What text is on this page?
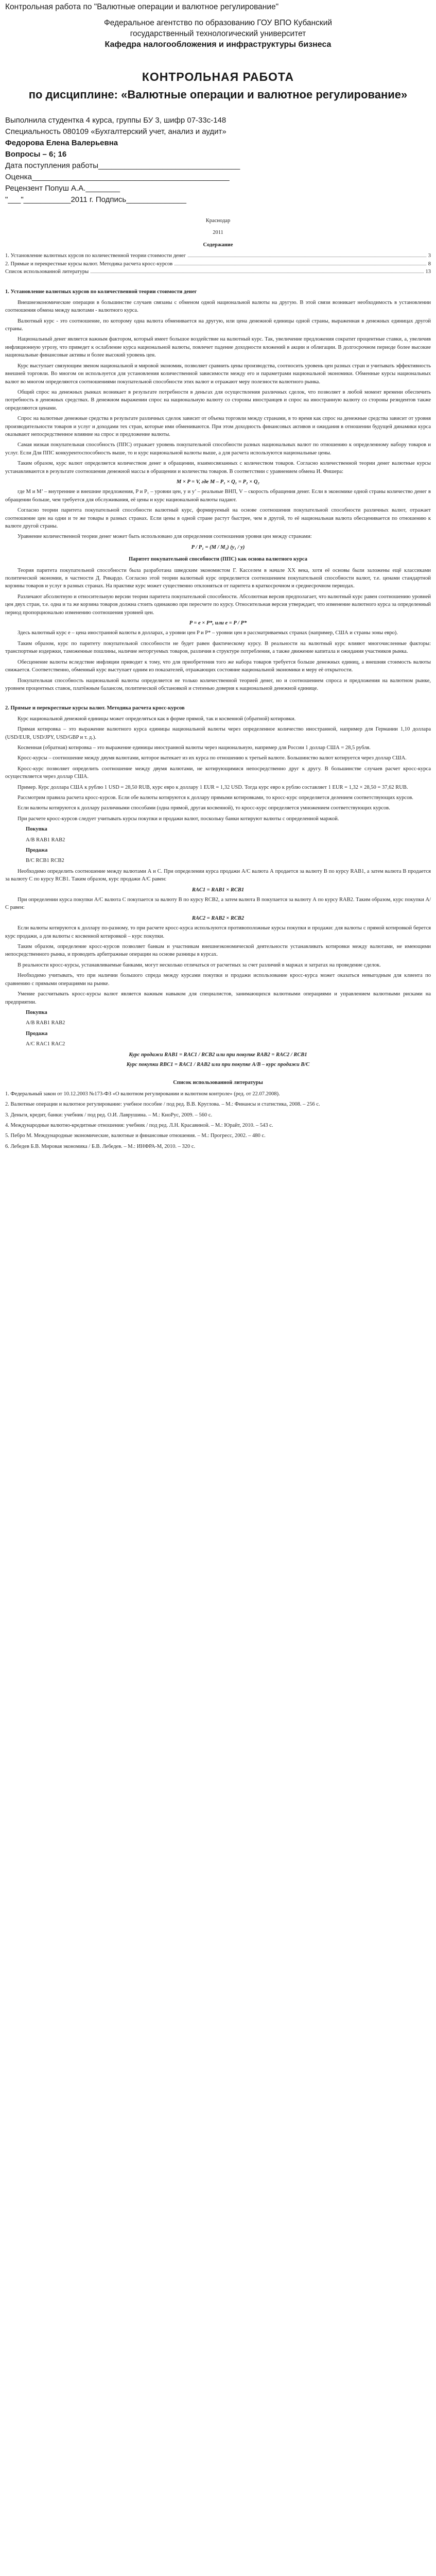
Контрольная работа по "Валютные операции и валютное регулирование"
Федеральное агентство по образованию ГОУ ВПО Кубанский государственный технологический университет
Кафедра налогообложения и инфраструктуры бизнеса
КОНТРОЛЬНАЯ РАБОТА
по дисциплине: «Валютные операции и валютное регулирование»

Выполнила студентка 4 курса, группы БУ 3, шифр 07-33с-148

Специальность 080109 «Бухгалтерский учет, анализ и аудит»

Федорова Елена Валерьевна

Вопросы – 6; 16

Дата поступления работы_________________________________

Оценка______________________________________________

Рецензент Попуш А.А.________

"___"___________2011 г. Подпись______________

Краснодар

2011

Содержание

1. Установление валютных курсов по количественной теории стоимости денег	3
2. Прямые и перекрестные курсы валют. Методика расчета кросс-курсов	8
Список использованной литературы	13

1. Установление валютных курсов по количественной теории стоимости денег

Внешнеэкономические операции в большинстве случаев связаны с обменом одной национальной валюты на другую. В этой связи возникает необходимость в установлении соотношения обмена между валютами - валютного курса.

Валютный курс - это соотношение, по которому одна валюта обменивается на другую, или цена денежной единицы одной страны, выраженная в денежных единицах другой страны.

Национальный денег является важным фактором, который имеет большое воздействие на валютный курс. Так, увеличение предложения сократит процентные ставки, а, увеличив инфляционную угрозу, что приведет к ослабление курса национальной валюты, повлечет падение доходности вложений в акции и облигации. В долгосрочном периоде более высокие национальные финансовые активы и более высокий уровень цен.

Курс выступает связующим звеном национальной и мировой экономик, позволяет сравнить цены производства, соотносить уровень цен разных стран и учитывать эффективность внешней торговли. Во многом он используется для установления количественной зависимости между его и параметрами национальной экономики. Обменные курсы национальных валют во многом определяются соотношениями покупательной способности этих валют и отражают меру полезности валютного рынка.

Общий спрос на денежных рынках возникает в результате потребности в деньгах для осуществления различных сделок, что позволяет в любой момент времени обеспечить потребность в денежных средствах. В денежном выражении спрос на национальную валюту со стороны иностранцев и спрос на иностранную валюту со стороны резидентов также определяются ценами.

Спрос на валютные денежные средства в результате различных сделок зависит от объема торговли между странами, в то время как спрос на денежные средства зависит от уровня производительности товаров и услуг и доходами тех стран, которые ими обмениваются. При этом доходность финансовых активов и ожидания в отношении будущей динамики курса оказывают непосредственное влияние на спрос и предложение валюты.

Самая низкая покупательная способность (ППС) отражает уровень покупательной способности разных национальных валют по отношению к определенному набору товаров и услуг. Если Для ППС конкурентоспособность выше, то и курс национальной валюты выше, а для расчета используются национальные цены.

Таким образом, курс валют определяется количеством денег в обращении, взаимосвязанных с количеством товаров. Согласно количественной теории денег валютные курсы устанавливаются в результате соотношения денежной массы в обращении и количества товаров. В соответствии с уравнением обмена И. Фишера:

M × P = V, где М – P₁ × Q₁ = P₂ × Q₂

где M и M’ – внутренние и внешние предложения, P и P₁ – уровни цен, y и y’ – реальные ВНП, V – скорость обращения денег. Если в экономике одной страны количество денег в обращении больше, чем требуется для обслуживания, её цены и курс национальной валюты падают.

Согласно теории паритета покупательной способности валютный курс, формируемый на основе соотношения покупательной способности различных валют, отражает соотношение цен на одни и те же товары в разных странах. Если цены в одной стране растут быстрее, чем в другой, то её национальная валюта обесценивается по отношению к валюте другой страны.

Уравнение количественной теории денег может быть использовано для определения соотношения уровня цен между странами:

P / P₁ = (M / M₁) (y₁ / y)

Паритет покупательной способности (ППС) как основа валютного курса

Теория паритета покупательной способности была разработана шведским экономистом Г. Касселем в начале XX века, хотя её основы были заложены ещё классиками политической экономии, в частности Д. Рикардо. Согласно этой теории валютный курс определяется соотношением покупательной способности валют, т.е. ценами стандартной корзины товаров и услуг в разных странах. На практике курс может существенно отклоняться от паритета в краткосрочном и среднесрочном периодах.

Различают абсолютную и относительную версии теории паритета покупательной способности. Абсолютная версия предполагает, что валютный курс равен соотношению уровней цен двух стран, т.е. одна и та же корзина товаров должна стоить одинаково при пересчете по курсу. Относительная версия утверждает, что изменение валютного курса за определенный период пропорционально изменению соотношения уровней цен.

P = e × P*, или e = P / P*

Здесь валютный курс e – цена иностранной валюты в долларах, а уровни цен P и P* – уровни цен в рассматриваемых странах (например, США и страны зоны евро).

Таким образом, курс по паритету покупательной способности не будет равен фактическому курсу. В реальности на валютный курс влияют многочисленные факторы: транспортные издержки, таможенные пошлины, наличие неторгуемых товаров, различия в структуре потребления, а также движение капитала и ожидания участников рынка.

Обесценение валюты вследствие инфляции приводит к тому, что для приобретения того же набора товаров требуется больше денежных единиц, а внешняя стоимость валюты снижается. Соответственно, обменный курс выступает одним из показателей, отражающих состояние национальной экономики и меру её открытости.

Покупательная способность национальной валюты определяется не только количественной теорией денег, но и соотношением спроса и предложения на валютном рынке, уровнем процентных ставок, платёжным балансом, политической обстановкой и степенью доверия к национальной денежной единице.

2. Прямые и перекрестные курсы валют. Методика расчета кросс-курсов

Курс национальной денежной единицы может определяться как в форме прямой, так и косвенной (обратной) котировки.

Прямая котировка – это выражение валютного курса единицы национальной валюты через определенное количество иностранной, например для Германии 1,10 доллара (USD/EUR, USD/JPY, USD/GBP и т. д.).

Косвенная (обратная) котировка – это выражение единицы иностранной валюты через национальную, например для России 1 доллар США = 28,5 рубля.

Кросс-курсы – соотношение между двумя валютами, которое вытекает из их курса по отношению к третьей валюте. Большинство валют котируется через доллар США.

Кросс-курс позволяет определить соотношение между двумя валютами, не котирующимися непосредственно друг к другу. В большинстве случаев расчет кросс-курса осуществляется через доллар США.

Пример. Курс доллара США к рублю 1 USD = 28,50 RUB, курс евро к доллару 1 EUR = 1,32 USD. Тогда курс евро к рублю составляет 1 EUR = 1,32 × 28,50 = 37,62 RUB.

Рассмотрим правила расчета кросс-курсов. Если обе валюты котируются к доллару прямыми котировками, то кросс-курс определяется делением соответствующих курсов.

Если валюты котируются к доллару различными способами (одна прямой, другая косвенной), то кросс-курс определяется умножением соответствующих курсов.

При расчете кросс-курсов следует учитывать курсы покупки и продажи валют, поскольку банки котируют валюты с определенной маржой.

Покупка

А/В RAB1 RAB2

Продажа

В/С RCB1 RCB2

Необходимо определить соотношение между валютами А и С. При определении курса продажи А/С валюта А продается за валюту В по курсу RAB1, а затем валюта В продается за валюту С по курсу RCB1. Таким образом, курс продажи А/С равен:

RAC1 = RAB1 × RCB1

При определении курса покупки А/С валюта С покупается за валюту В по курсу RCB2, а затем валюта В покупается за валюту А по курсу RAB2. Таким образом, курс покупки А/С равен:

RAC2 = RAB2 × RCB2

Если валюты котируются к доллару по-разному, то при расчете кросс-курса используются противоположные курсы покупки и продажи: для валюты с прямой котировкой берется курс продажи, а для валюты с косвенной котировкой – курс покупки.

Таким образом, определение кросс-курсов позволяет банкам и участникам внешнеэкономической деятельности устанавливать котировки между валютами, не имеющими непосредственного рынка, и проводить арбитражные операции на основе разницы в курсах.

В реальности кросс-курсы, устанавливаемые банками, могут несколько отличаться от расчетных за счет различий в маржах и затратах на проведение сделок.

Необходимо учитывать, что при наличии большого спреда между курсами покупки и продажи использование кросс-курса может оказаться невыгодным для клиента по сравнению с прямыми операциями на рынке.

Умение рассчитывать кросс-курсы валют является важным навыком для специалистов, занимающихся валютными операциями и управлением валютными рисками на предприятии.

Покупка

А/В RAB1 RAB2

Продажа

А/С RAC1 RAC2

Курс продажи RAB1 = RAC1 / RCB2 или при покупке RAB2 = RAC2 / RCB1

Курс покупки RBC1 = RAC1 / RAB2 или при покупке А/В – курс продажи В/С

Список использованной литературы

1. Федеральный закон от 10.12.2003 №173-ФЗ «О валютном регулировании и валютном контроле» (ред. от 22.07.2008).

2. Валютные операции и валютное регулирование: учебное пособие / под ред. В.В. Круглова. – М.: Финансы и статистика, 2008. – 256 с.

3. Деньги, кредит, банки: учебник / под ред. О.И. Лаврушина. – М.: КноРус, 2009. – 560 с.

4. Международные валютно-кредитные отношения: учебник / под ред. Л.Н. Красавиной. – М.: Юрайт, 2010. – 543 с.

5. Пебро М. Международные экономические, валютные и финансовые отношения. – М.: Прогресс, 2002. – 480 с.

6. Лебедев Б.В. Мировая экономика / Б.В. Лебедев. – М.: ИНФРА-М, 2010. – 320 с.
